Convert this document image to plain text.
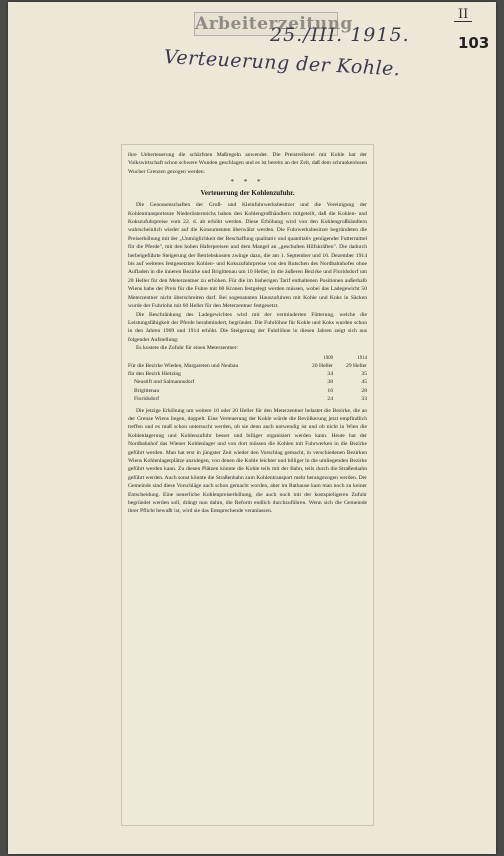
II
103
Arbeiterzeitung
25./III. 1915.
Verteuerung der Kohle.

ihre Ueberteuerung die schärfsten Maßregeln anwendet. Die Preistreiberei mit Kohle hat der Volkswirtschaft schon schwere Wunden geschlagen und es ist bereits an der Zeit, daß dem schrankenlosen Wucher Grenzen gezogen werden.

* * *
Verteuerung der Kohlenzufuhr.

Die Genossenschaften der Groß- und Kleinfuhrwerksbesitzer und die Vereinigung der Kohlentransporteure Niederösterreichs haben den Kohlengroßhändlern mitgeteilt, daß die Kohlen- und Kokszufuhrpreise vom 22. d. ab erhöht werden. Diese Erhöhung wird von den Kohlengroßhändlern wahrscheinlich wieder auf die Konsumenten überwälzt werden. Die Fuhrwerksbesitzer begründeten die Preiserhöhung mit der „Unmöglichkeit der Beschaffung qualitativ und quantitativ genügender Futtermittel für die Pferde", mit den hohen Haferpreisen und dem Mangel an „geschulten Hilfskräften". Die dadurch herbeigeführte Steigerung der Betriebskosten zwinge dazu, die am 1. September und 16. Dezember 1914 bis auf weiteres festgesetzten Kohlen- und Kokszufuhrpreise von den Rutschen des Nordbahnhofes ohne Aufladen in die inneren Bezirke und Brigittenau um 10 Heller, in die äußeren Bezirke und Floridsdorf um 20 Heller für den Meterzentner zu erhöhen. Für die im bisherigen Tarif enthaltenen Positionen außerhalb Wiens habe der Preis für die Fuhre mit 60 Kronen festgelegt werden müssen, wobei das Ladegewicht 50 Meterzentner nicht überschreiten darf. Bei sogenannten Hauszufuhren mit Kohle und Koks in Säcken wurde der Fuhrlohn mit 60 Heller für den Meterzentner festgesetzt.

Die Beschränkung des Ladegewichtes wird mit der verminderten Fütterung, welche die Leistungsfähigkeit der Pferde herabmindert, begründet. Die Fuhrlöhne für Kohle und Koks wurden schon in den Jahren 1909 und 1914 erhöht. Die Steigerung der Fuhrlöhne in diesen Jahren zeigt sich aus folgender Aufstellung:

Es kostete die Zufuhr für einen Meterzentner:

	1909	1914
Für die Bezirke Wieden, Margareten und Neubau	20 Heller	29 Heller
für den Bezirk Hietzing	34	35
Neustift und Salmannsdorf	38	45
Brigittenau	16	28
Floridsdorf	24	33

Die jetzige Erhöhung um weitere 10 oder 20 Heller für den Meterzentner belastet die Bezirke, die an der Grenze Wiens liegen, doppelt. Eine Verteuerung der Kohle würde die Bevölkerung jetzt empfindlich treffen und es muß schon untersucht werden, ob sie denn auch notwendig ist und ob nicht in Wien die Kohlenlagerung und Kohlenzufuhr besser und billiger organisiert werden kann. Heute hat der Nordbahnhof das Wiener Kohlenlager und von dort müssen die Kohlen mit Fuhrwerken in die Bezirke geführt werden. Man hat erst in jüngster Zeit wieder den Vorschlag gemacht, in verschiedenen Bezirken Wiens Kohlenlagerplätze anzulegen, von denen die Kohle leichter und billiger in die umliegenden Bezirke geführt werden kann. Zu diesen Plätzen könnte die Kohle teils mit der Bahn, teils durch die Straßenbahn geführt werden. Auch sonst könnte die Straßenbahn zum Kohlentransport mehr herangezogen werden. Der Gemeinde sind diese Vorschläge auch schon gemacht worden, aber im Rathause kam man noch zu keiner Entscheidung. Eine neuerliche Kohlenpreiserhöhung, die auch noch mit der kostspieligeren Zufuhr begründet werden soll, drängt nun dahin, die Reform endlich durchzuführen. Wenn sich die Gemeinde ihrer Pflicht bewußt ist, wird sie das Entsprechende veranlassen.
